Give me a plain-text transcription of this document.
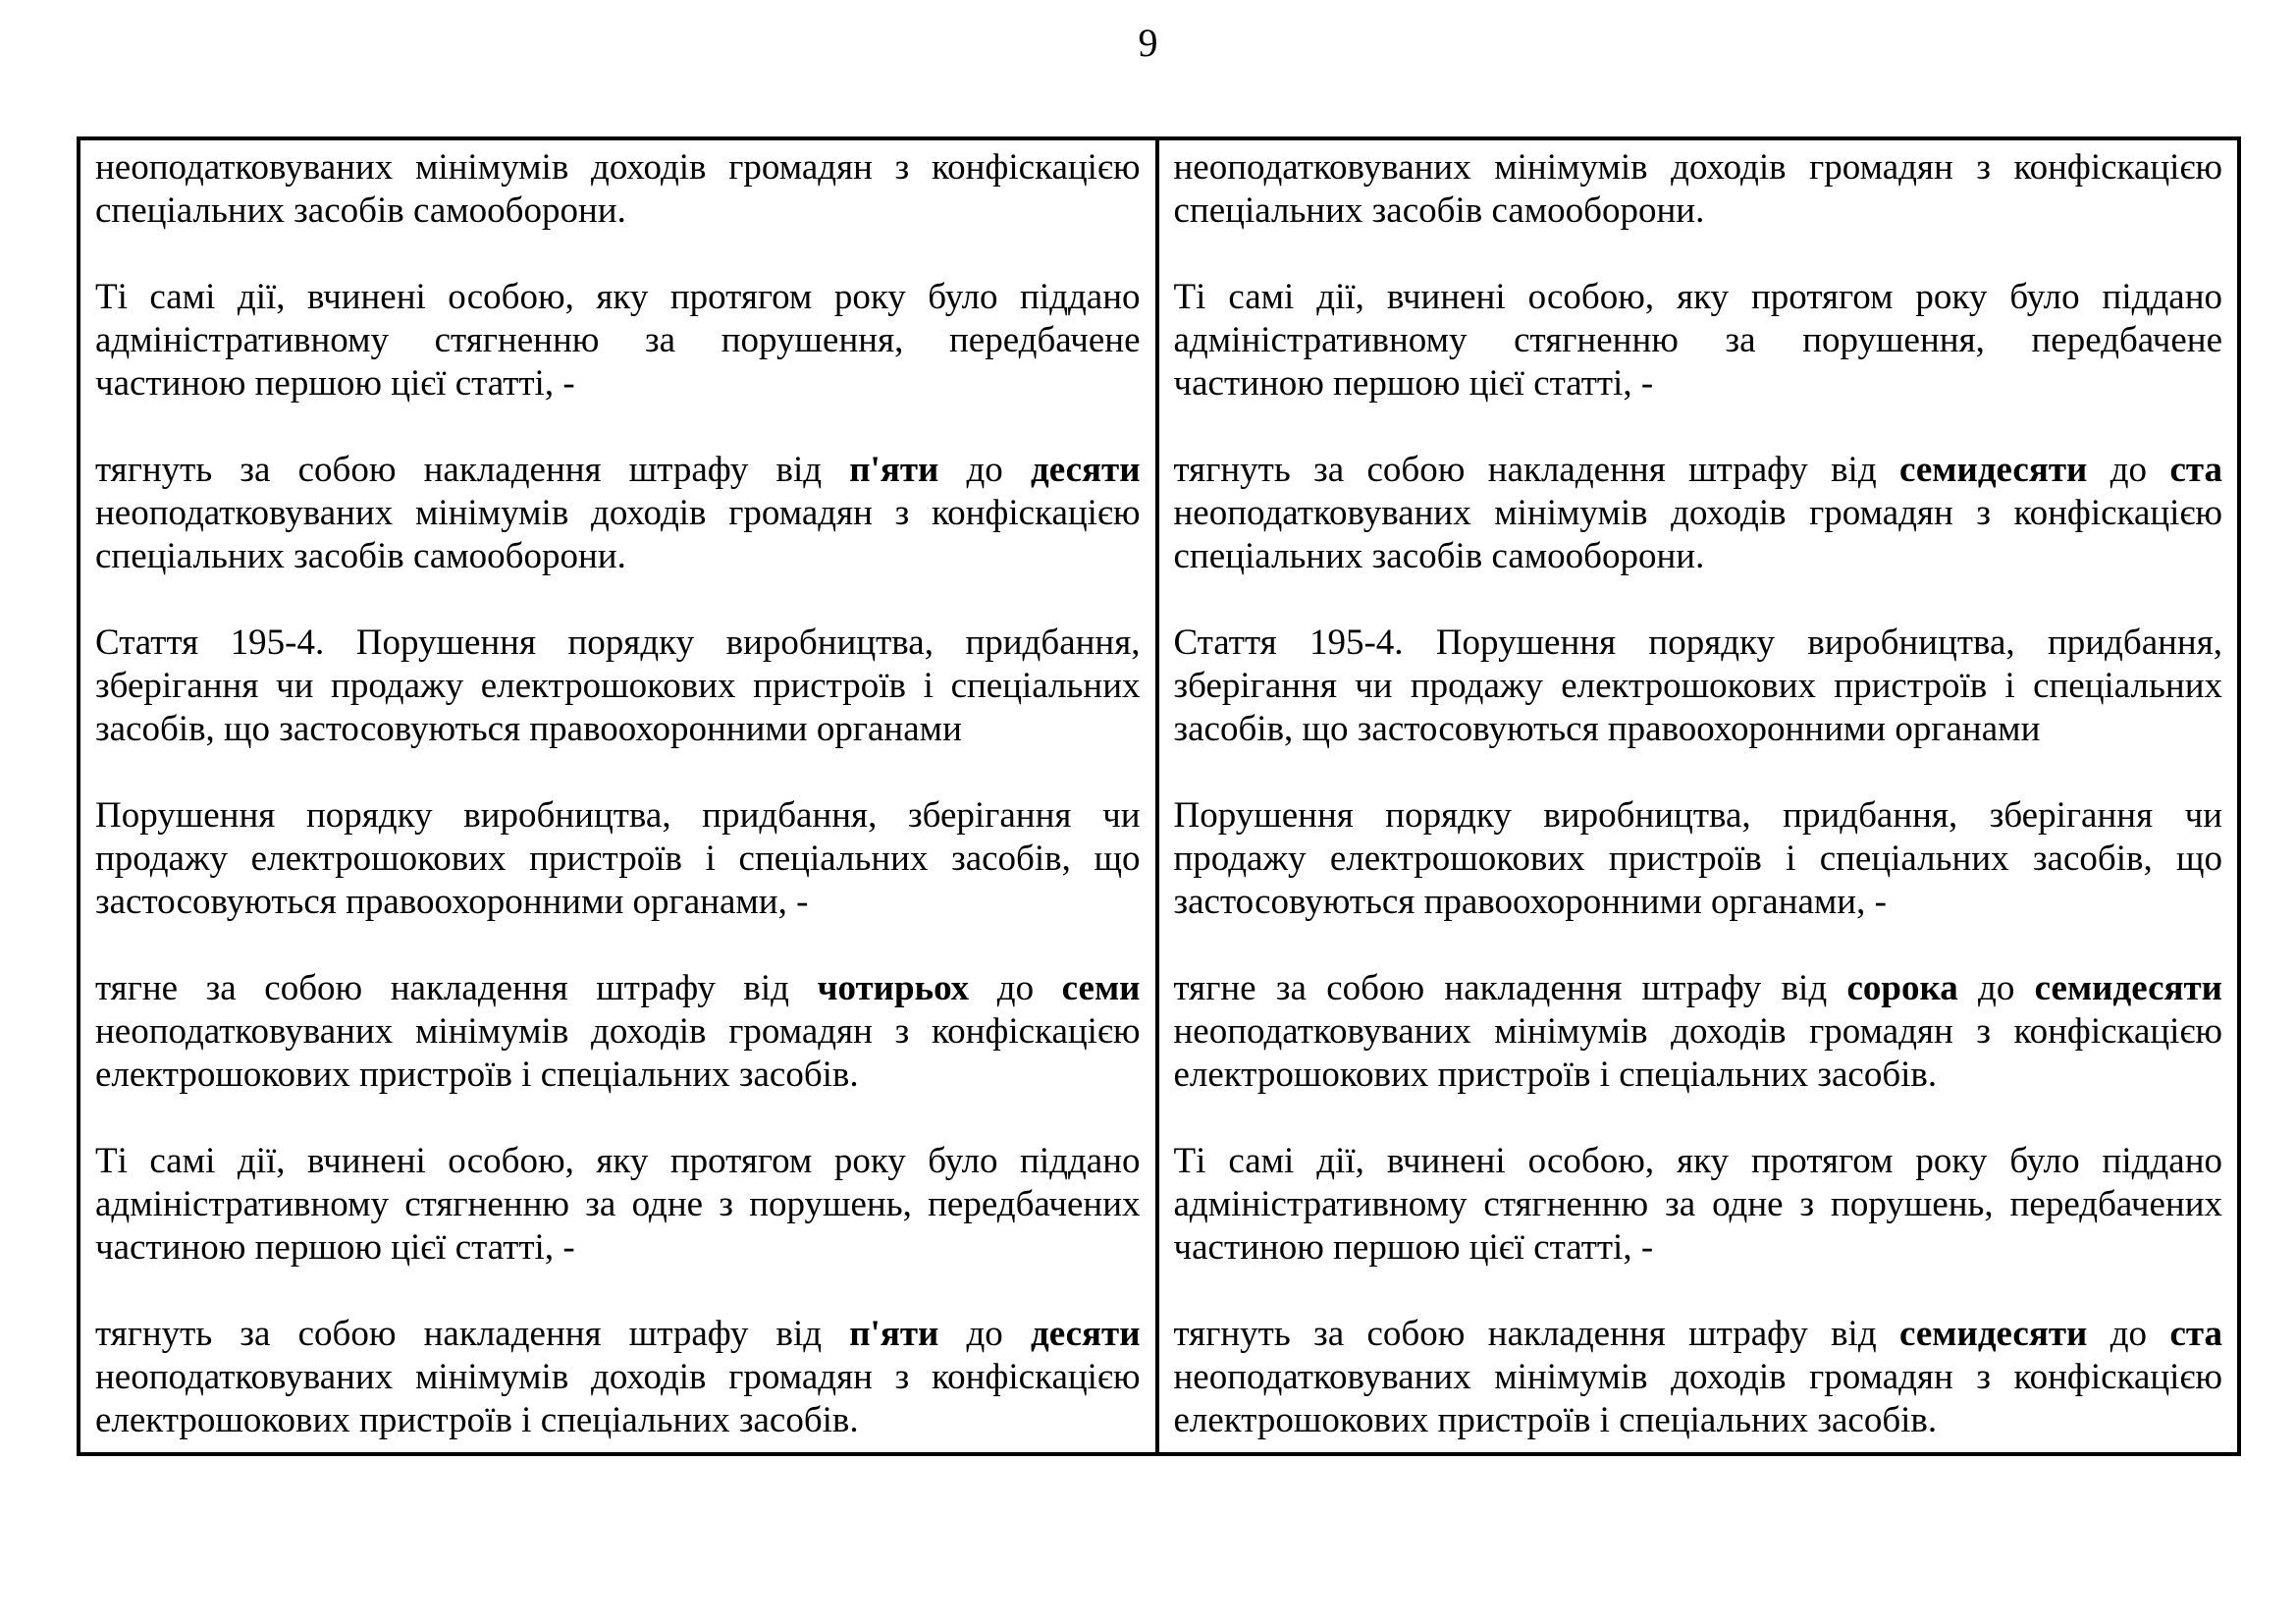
9

неоподатковуваних мінімумів доходів громадян з конфіскацією спеціальних засобів самооборони.

Ті самі дії, вчинені особою, яку протягом року було піддано адміністративному стягненню за порушення, передбачене частиною першою цієї статті, -

тягнуть за собою накладення штрафу від п'яти до десяти неоподатковуваних мінімумів доходів громадян з конфіскацією спеціальних засобів самооборони.

Стаття 195-4. Порушення порядку виробництва, придбання, зберігання чи продажу електрошокових пристроїв і спеціальних засобів, що застосовуються правоохоронними органами

Порушення порядку виробництва, придбання, зберігання чи продажу електрошокових пристроїв і спеціальних засобів, що застосовуються правоохоронними органами, -

тягне за собою накладення штрафу від чотирьох до семи неоподатковуваних мінімумів доходів громадян з конфіскацією електрошокових пристроїв і спеціальних засобів.

Ті самі дії, вчинені особою, яку протягом року було піддано адміністративному стягненню за одне з порушень, передбачених частиною першою цієї статті, -

тягнуть за собою накладення штрафу від п'яти до десяти неоподатковуваних мінімумів доходів громадян з конфіскацією електрошокових пристроїв і спеціальних засобів.

неоподатковуваних мінімумів доходів громадян з конфіскацією спеціальних засобів самооборони.

Ті самі дії, вчинені особою, яку протягом року було піддано адміністративному стягненню за порушення, передбачене частиною першою цієї статті, -

тягнуть за собою накладення штрафу від семидесяти до ста неоподатковуваних мінімумів доходів громадян з конфіскацією спеціальних засобів самооборони.

Стаття 195-4. Порушення порядку виробництва, придбання, зберігання чи продажу електрошокових пристроїв і спеціальних засобів, що застосовуються правоохоронними органами

Порушення порядку виробництва, придбання, зберігання чи продажу електрошокових пристроїв і спеціальних засобів, що застосовуються правоохоронними органами, -

тягне за собою накладення штрафу від сорока до семидесяти неоподатковуваних мінімумів доходів громадян з конфіскацією електрошокових пристроїв і спеціальних засобів.

Ті самі дії, вчинені особою, яку протягом року було піддано адміністративному стягненню за одне з порушень, передбачених частиною першою цієї статті, -

тягнуть за собою накладення штрафу від семидесяти до ста неоподатковуваних мінімумів доходів громадян з конфіскацією електрошокових пристроїв і спеціальних засобів.
